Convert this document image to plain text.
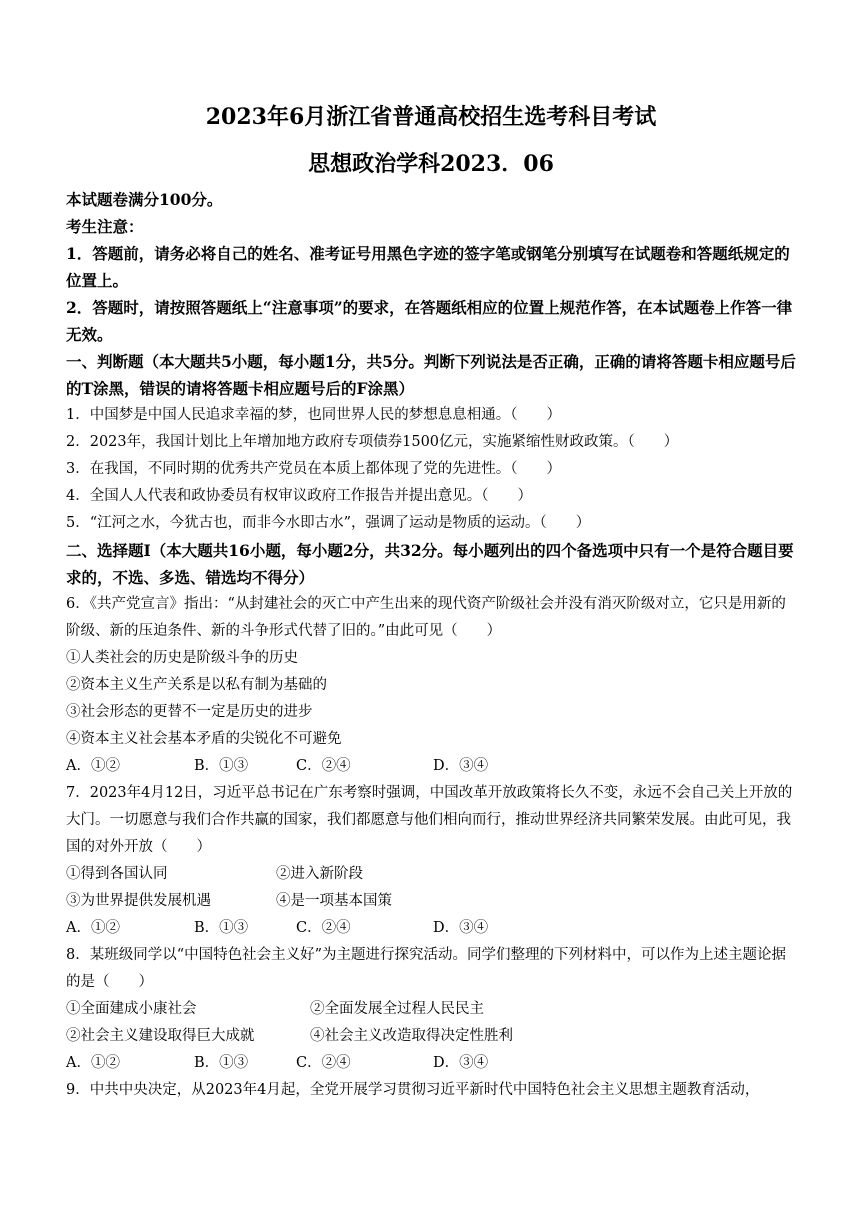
2023年6月浙江省普通高校招生选考科目考试
思想政治学科2023．06

本试题卷满分100分。

考生注意：

1．答题前，请务必将自己的姓名、准考证号用黑色字迹的签字笔或钢笔分别填写在试题卷和答题纸规定的位置上。

2．答题时，请按照答题纸上“注意事项”的要求，在答题纸相应的位置上规范作答，在本试题卷上作答一律无效。

一、判断题（本大题共5小题，每小题1分，共5分。判断下列说法是否正确，正确的请将答题卡相应题号后的T涂黑，错误的请将答题卡相应题号后的F涂黑）

1．中国梦是中国人民追求幸福的梦，也同世界人民的梦想息息相通。（　　）

2．2023年，我国计划比上年增加地方政府专项债券1500亿元，实施紧缩性财政政策。（　　）

3．在我国，不同时期的优秀共产党员在本质上都体现了党的先进性。（　　）

4．全国人人代表和政协委员有权审议政府工作报告并提出意见。（　　）

5．“江河之水，今犹古也，而非今水即古水”，强调了运动是物质的运动。（　　）

二、选择题Ⅰ（本大题共16小题，每小题2分，共32分。每小题列出的四个备选项中只有一个是符合题目要求的，不选、多选、错选均不得分）

6．《共产党宣言》指出：“从封建社会的灭亡中产生出来的现代资产阶级社会并没有消灭阶级对立，它只是用新的阶级、新的压迫条件、新的斗争形式代替了旧的。”由此可见（　　）

①人类社会的历史是阶级斗争的历史

②资本主义生产关系是以私有制为基础的

③社会形态的更替不一定是历史的进步

④资本主义社会基本矛盾的尖锐化不可避免

A．①②	B．①③	C．②④	D．③④

7．2023年4月12日，习近平总书记在广东考察时强调，中国改革开放政策将长久不变，永远不会自己关上开放的大门。一切愿意与我们合作共赢的国家，我们都愿意与他们相向而行，推动世界经济共同繁荣发展。由此可见，我国的对外开放（　　）

①得到各国认同	②进入新阶段
③为世界提供发展机遇	④是一项基本国策
A．①②	B．①③	C．②④	D．③④

8．某班级同学以“中国特色社会主义好”为主题进行探究活动。同学们整理的下列材料中，可以作为上述主题论据的是（　　）

①全面建成小康社会	②全面发展全过程人民民主
②社会主义建设取得巨大成就	④社会主义改造取得决定性胜利
A．①②	B．①③	C．②④	D．③④

9．中共中央决定，从2023年4月起，全党开展学习贯彻习近平新时代中国特色社会主义思想主题教育活动，
